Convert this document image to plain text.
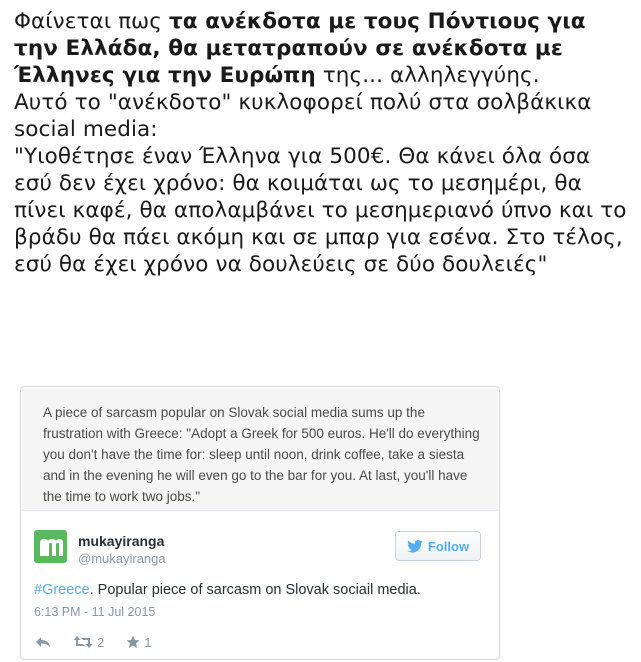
Φαίνεται πως τα ανέκδοτα με τους Πόντιους για την Ελλάδα, θα μετατραπούν σε ανέκδοτα με Έλληνες για την Ευρώπη της... αλληλεγγύης.

Αυτό το "ανέκδοτο" κυκλοφορεί πολύ στα σολβάκικα social media:

"Υιοθέτησε έναν Έλληνα για 500€. Θα κάνει όλα όσα εσύ δεν έχει χρόνο: θα κοιμάται ως το μεσημέρι, θα πίνει καφέ, θα απολαμβάνει το μεσημεριανό ύπνο και το βράδυ θα πάει ακόμη και σε μπαρ για εσένα. Στο τέλος, εσύ θα έχει χρόνο να δουλεύεις σε δύο δουλειές"

A piece of sarcasm popular on Slovak social media sums up the frustration with Greece: "Adopt a Greek for 500 euros. He'll do everything you don't have the time for: sleep until noon, drink coffee, take a siesta and in the evening he will even go to the bar for you. At last, you'll have the time to work two jobs."
mukayiranga
@mukayiranga
Follow
#Greece. Popular piece of sarcasm on Slovak sociail media.
6:13 PM - 11 Jul 2015
2	1
